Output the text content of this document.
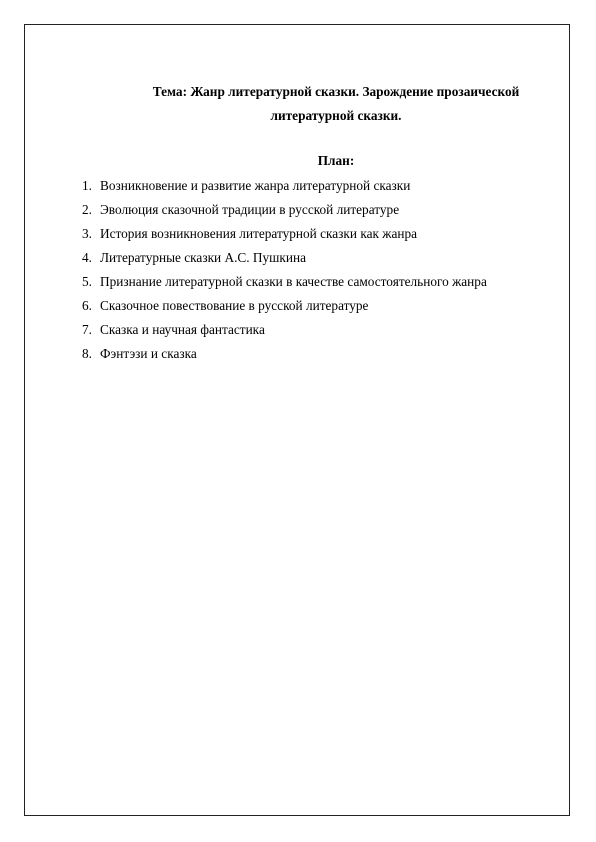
Тема: Жанр литературной сказки. Зарождение прозаической
литературной сказки.

План:

1. Возникновение и развитие жанра литературной сказки
2. Эволюция сказочной традиции в русской литературе
3. История возникновения литературной сказки как жанра
4. Литературные сказки А.С. Пушкина
5. Признание литературной сказки в качестве самостоятельного жанра
6. Сказочное повествование в русской литературе
7. Сказка и научная фантастика
8. Фэнтэзи и сказка
